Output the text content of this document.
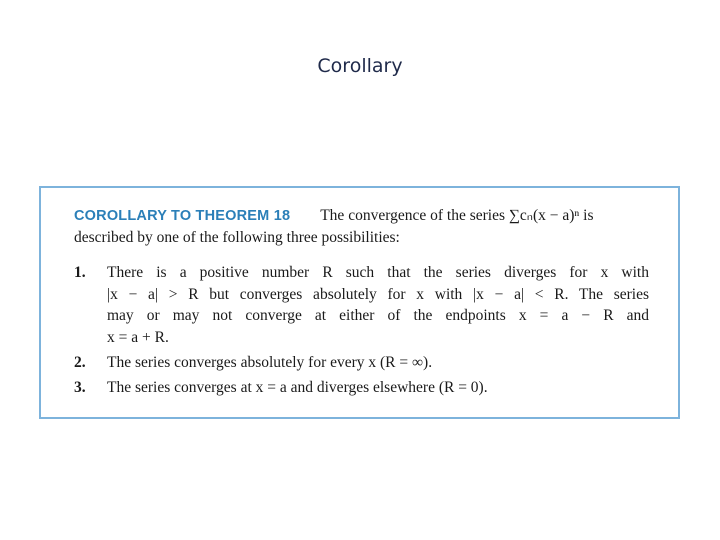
Corollary
COROLLARY TO THEOREM 18 The convergence of the series ∑cₙ(x − a)ⁿ is
described by one of the following three possibilities:
1. There is a positive number R such that the series diverges for x with
|x − a| > R but converges absolutely for x with |x − a| < R. The series
may or may not converge at either of the endpoints x = a − R and
x = a + R.
2. The series converges absolutely for every x (R = ∞).
3. The series converges at x = a and diverges elsewhere (R = 0).
